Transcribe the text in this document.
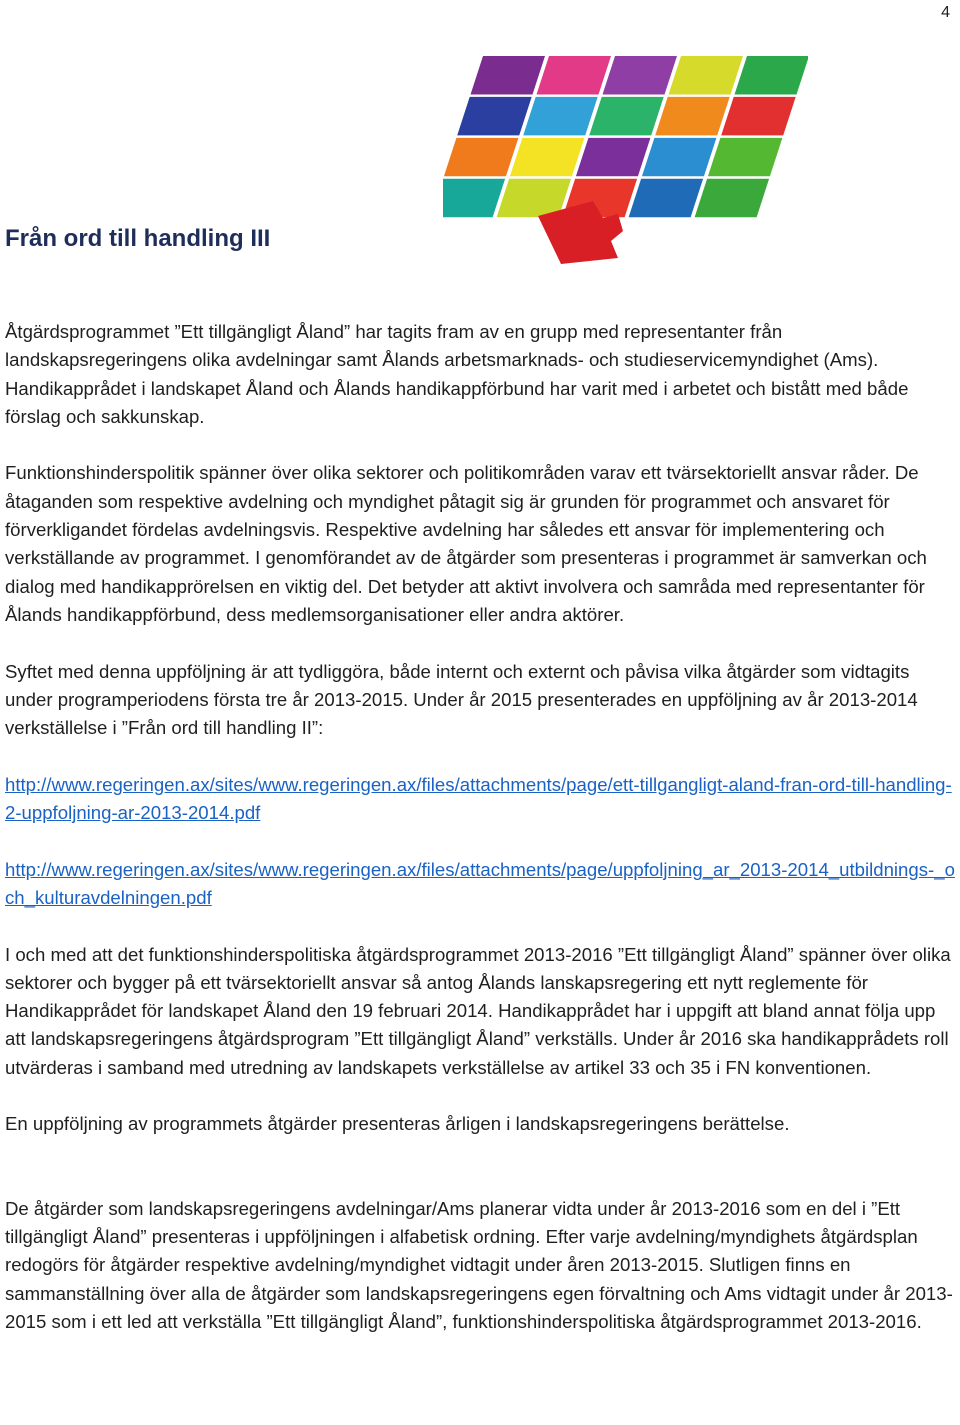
4
Från ord till handling III

Åtgärdsprogrammet ”Ett tillgängligt Åland” har tagits fram av en grupp med representanter från landskapsregeringens olika avdelningar samt Ålands arbetsmarknads- och studieservicemyndighet (Ams). Handikapprådet i landskapet Åland och Ålands handikappförbund har varit med i arbetet och bistått med både förslag och sakkunskap.

Funktionshinderspolitik spänner över olika sektorer och politikområden varav ett tvärsektoriellt ansvar råder. De åtaganden som respektive avdelning och myndighet påtagit sig är grunden för programmet och ansvaret för förverkligandet fördelas avdelningsvis. Respektive avdelning har således ett ansvar för implementering och verkställande av programmet. I genomförandet av de åtgärder som presenteras i programmet är samverkan och dialog med handikapprörelsen en viktig del. Det betyder att aktivt involvera och samråda med representanter för Ålands handikappförbund, dess medlemsorganisationer eller andra aktörer.

Syftet med denna uppföljning är att tydliggöra, både internt och externt och påvisa vilka åtgärder som vidtagits under programperiodens första tre år 2013-2015. Under år 2015 presenterades en uppföljning av år 2013-2014 verkställelse i ”Från ord till handling II”:

http://www.regeringen.ax/sites/www.regeringen.ax/files/attachments/page/ett-tillgangligt-aland-fran-ord-till-handling-2-uppfoljning-ar-2013-2014.pdf

http://www.regeringen.ax/sites/www.regeringen.ax/files/attachments/page/uppfoljning_ar_2013-2014_utbildnings-_och_kulturavdelningen.pdf

I och med att det funktionshinderspolitiska åtgärdsprogrammet 2013-2016 ”Ett tillgängligt Åland” spänner över olika sektorer och bygger på ett tvärsektoriellt ansvar så antog Ålands lanskapsregering ett nytt reglemente för Handikapprådet för landskapet Åland den 19 februari 2014. Handikapprådet har i uppgift att bland annat följa upp att landskapsregeringens åtgärdsprogram ”Ett tillgängligt Åland” verkställs. Under år 2016 ska handikapprådets roll utvärderas i samband med utredning av landskapets verkställelse av artikel 33 och 35 i FN konventionen.

En uppföljning av programmets åtgärder presenteras årligen i landskapsregeringens berättelse.

De åtgärder som landskapsregeringens avdelningar/Ams planerar vidta under år 2013-2016 som en del i ”Ett tillgängligt Åland” presenteras i uppföljningen i alfabetisk ordning. Efter varje avdelning/myndighets åtgärdsplan redogörs för åtgärder respektive avdelning/myndighet vidtagit under åren 2013-2015. Slutligen finns en sammanställning över alla de åtgärder som landskapsregeringens egen förvaltning och Ams vidtagit under år 2013-2015 som i ett led att verkställa ”Ett tillgängligt Åland”, funktionshinderspolitiska åtgärdsprogrammet 2013-2016.
